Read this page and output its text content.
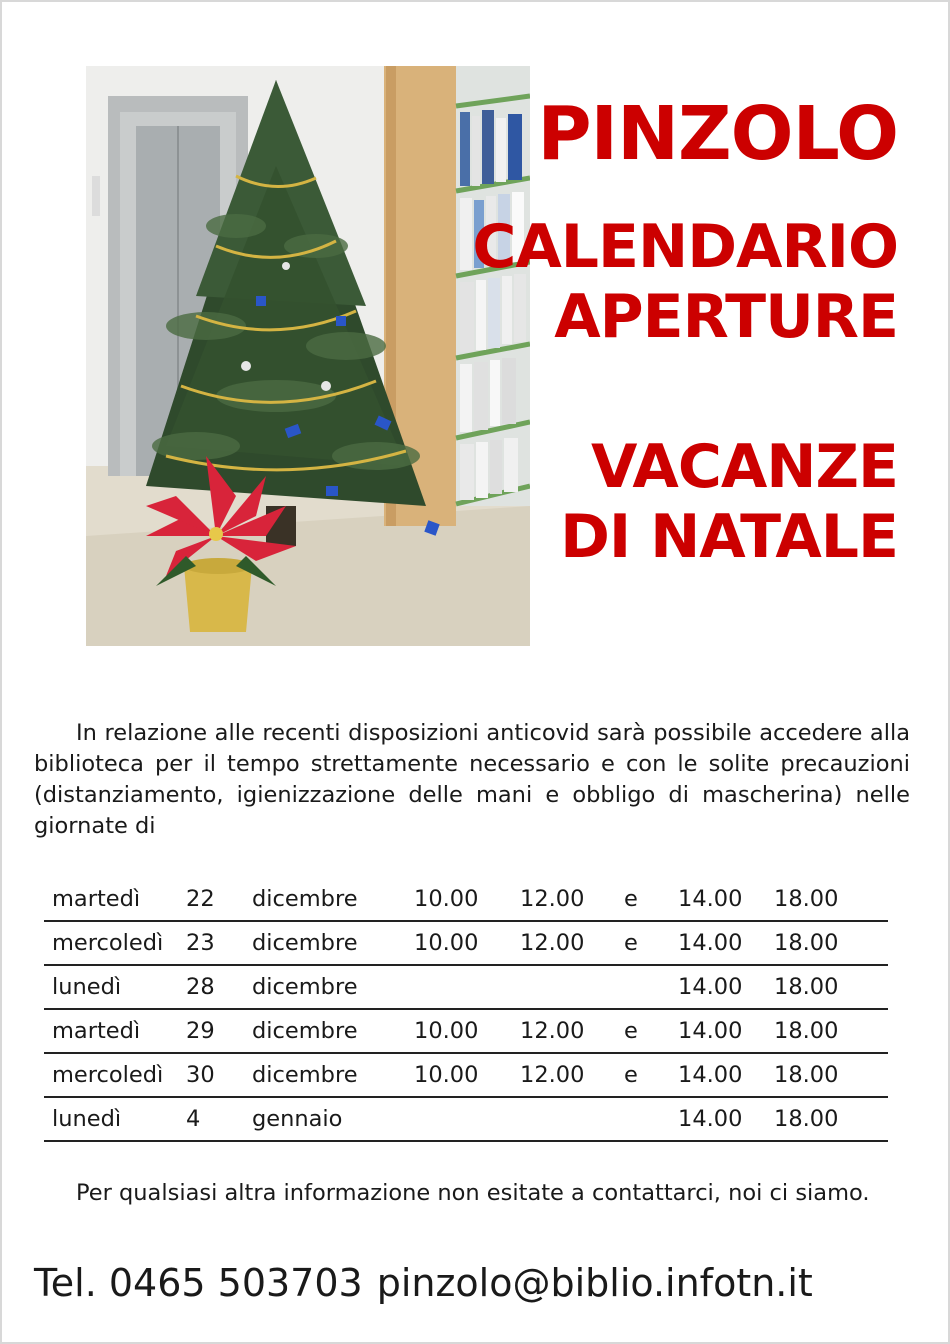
PINZOLO
CALENDARIO
APERTURE
VACANZE
DI NATALE

In relazione alle recenti disposizioni anticovid sarà possibile accedere alla biblioteca per il tempo strettamente necessario e con le solite precauzioni (distanziamento, igienizzazione delle mani e obbligo di mascherina) nelle giornate di

martedì	22	dicembre	10.00	12.00	e	14.00	18.00
mercoledì	23	dicembre	10.00	12.00	e	14.00	18.00
lunedì	28	dicembre				14.00	18.00
martedì	29	dicembre	10.00	12.00	e	14.00	18.00
mercoledì	30	dicembre	10.00	12.00	e	14.00	18.00
lunedì	4	gennaio				14.00	18.00

Per qualsiasi altra informazione non esitate a contattarci, noi ci siamo.

Tel. 0465 503703 pinzolo@biblio.infotn.it
